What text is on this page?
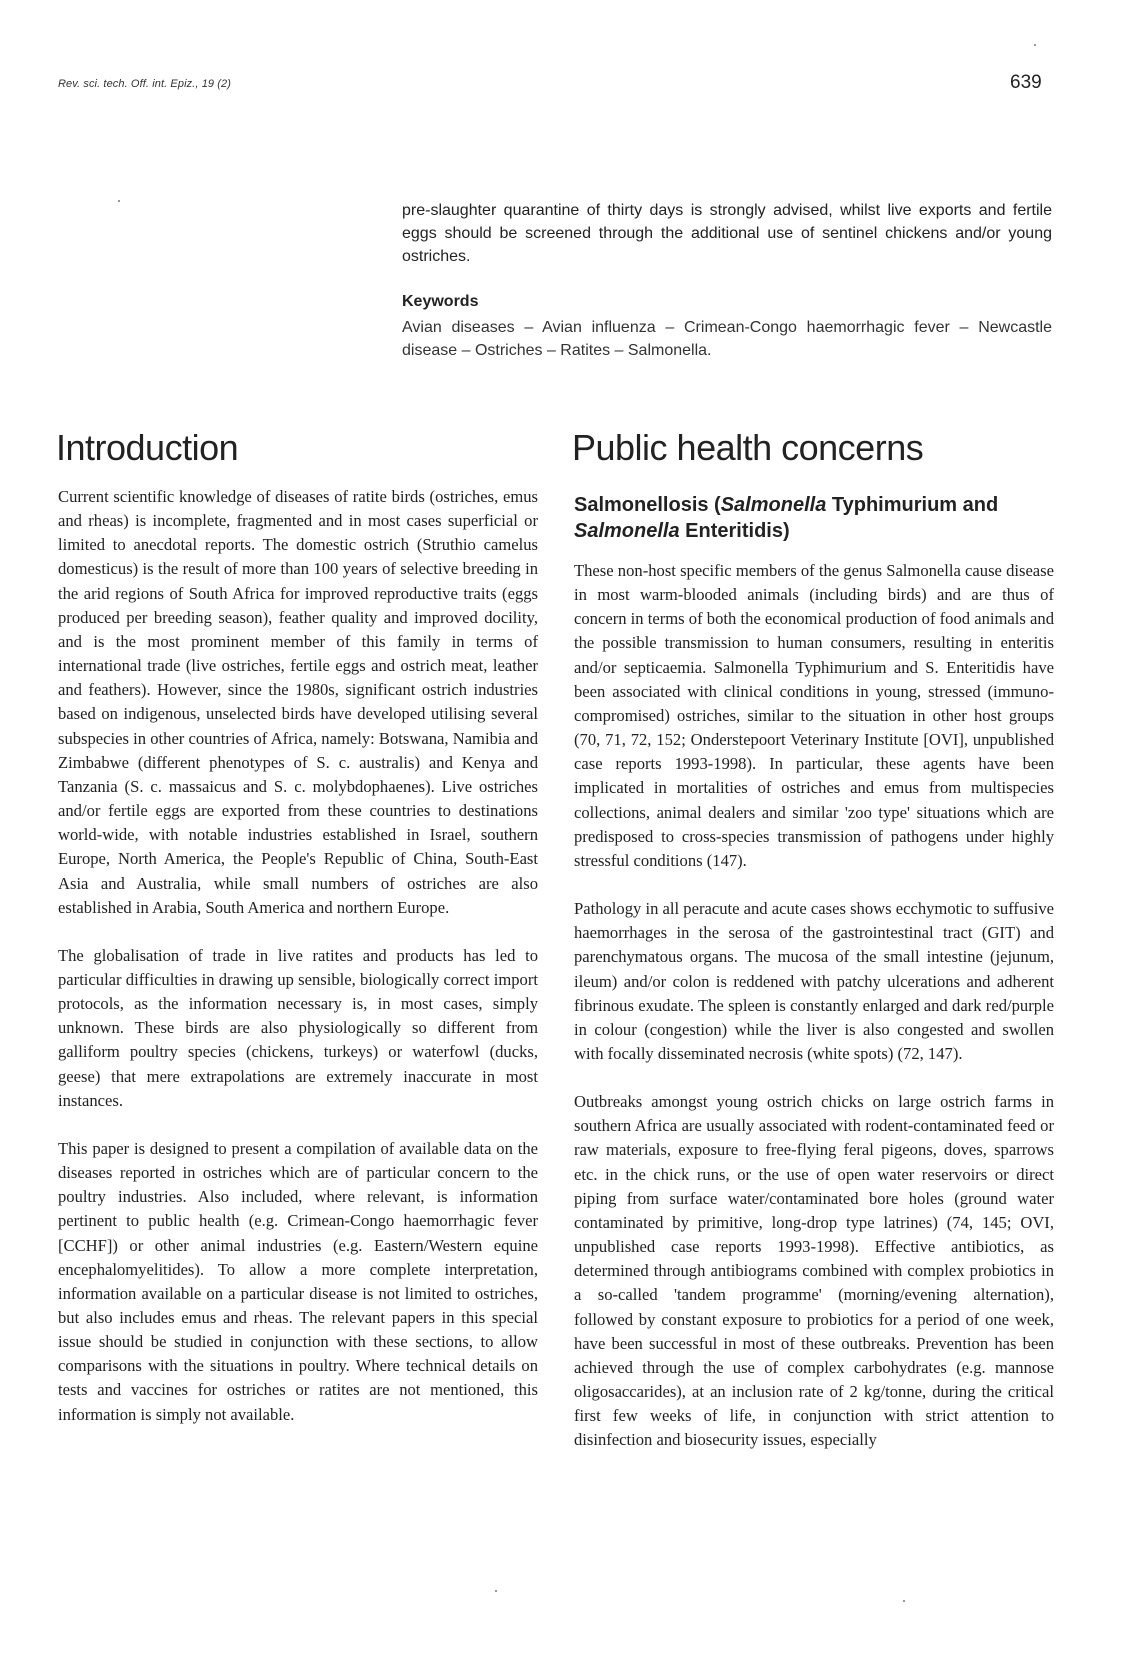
Rev. sci. tech. Off. int. Epiz., 19 (2)	639
pre-slaughter quarantine of thirty days is strongly advised, whilst live exports and fertile eggs should be screened through the additional use of sentinel chickens and/or young ostriches.
Keywords
Avian diseases – Avian influenza – Crimean-Congo haemorrhagic fever – Newcastle disease – Ostriches – Ratites – Salmonella.
Introduction

Current scientific knowledge of diseases of ratite birds (ostriches, emus and rheas) is incomplete, fragmented and in most cases superficial or limited to anecdotal reports. The domestic ostrich (Struthio camelus domesticus) is the result of more than 100 years of selective breeding in the arid regions of South Africa for improved reproductive traits (eggs produced per breeding season), feather quality and improved docility, and is the most prominent member of this family in terms of international trade (live ostriches, fertile eggs and ostrich meat, leather and feathers). However, since the 1980s, significant ostrich industries based on indigenous, unselected birds have developed utilising several subspecies in other countries of Africa, namely: Botswana, Namibia and Zimbabwe (different phenotypes of S. c. australis) and Kenya and Tanzania (S. c. massaicus and S. c. molybdophaenes). Live ostriches and/or fertile eggs are exported from these countries to destinations world-wide, with notable industries established in Israel, southern Europe, North America, the People's Republic of China, South-East Asia and Australia, while small numbers of ostriches are also established in Arabia, South America and northern Europe.

The globalisation of trade in live ratites and products has led to particular difficulties in drawing up sensible, biologically correct import protocols, as the information necessary is, in most cases, simply unknown. These birds are also physiologically so different from galliform poultry species (chickens, turkeys) or waterfowl (ducks, geese) that mere extrapolations are extremely inaccurate in most instances.

This paper is designed to present a compilation of available data on the diseases reported in ostriches which are of particular concern to the poultry industries. Also included, where relevant, is information pertinent to public health (e.g. Crimean-Congo haemorrhagic fever [CCHF]) or other animal industries (e.g. Eastern/Western equine encephalomyelitides). To allow a more complete interpretation, information available on a particular disease is not limited to ostriches, but also includes emus and rheas. The relevant papers in this special issue should be studied in conjunction with these sections, to allow comparisons with the situations in poultry. Where technical details on tests and vaccines for ostriches or ratites are not mentioned, this information is simply not available.

Public health concerns
Salmonellosis (Salmonella Typhimurium and
Salmonella Enteritidis)

These non-host specific members of the genus Salmonella cause disease in most warm-blooded animals (including birds) and are thus of concern in terms of both the economical production of food animals and the possible transmission to human consumers, resulting in enteritis and/or septicaemia. Salmonella Typhimurium and S. Enteritidis have been associated with clinical conditions in young, stressed (immuno-compromised) ostriches, similar to the situation in other host groups (70, 71, 72, 152; Onderstepoort Veterinary Institute [OVI], unpublished case reports 1993-1998). In particular, these agents have been implicated in mortalities of ostriches and emus from multispecies collections, animal dealers and similar 'zoo type' situations which are predisposed to cross-species transmission of pathogens under highly stressful conditions (147).

Pathology in all peracute and acute cases shows ecchymotic to suffusive haemorrhages in the serosa of the gastrointestinal tract (GIT) and parenchymatous organs. The mucosa of the small intestine (jejunum, ileum) and/or colon is reddened with patchy ulcerations and adherent fibrinous exudate. The spleen is constantly enlarged and dark red/purple in colour (congestion) while the liver is also congested and swollen with focally disseminated necrosis (white spots) (72, 147).

Outbreaks amongst young ostrich chicks on large ostrich farms in southern Africa are usually associated with rodent-contaminated feed or raw materials, exposure to free-flying feral pigeons, doves, sparrows etc. in the chick runs, or the use of open water reservoirs or direct piping from surface water/contaminated bore holes (ground water contaminated by primitive, long-drop type latrines) (74, 145; OVI, unpublished case reports 1993-1998). Effective antibiotics, as determined through antibiograms combined with complex probiotics in a so-called 'tandem programme' (morning/evening alternation), followed by constant exposure to probiotics for a period of one week, have been successful in most of these outbreaks. Prevention has been achieved through the use of complex carbohydrates (e.g. mannose oligosaccarides), at an inclusion rate of 2 kg/tonne, during the critical first few weeks of life, in conjunction with strict attention to disinfection and biosecurity issues, especially
